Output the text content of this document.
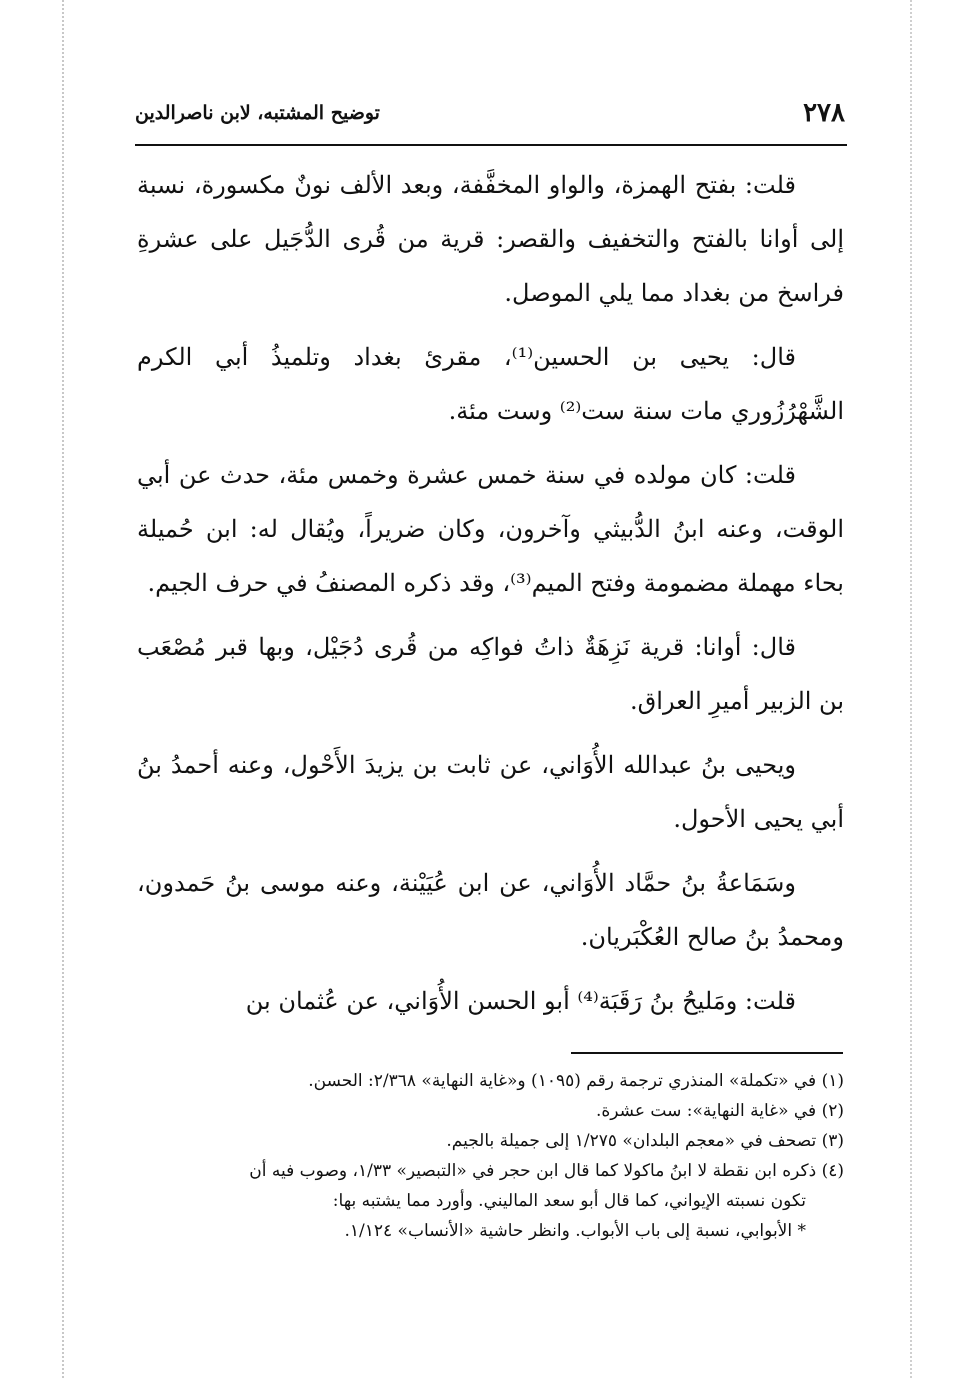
٢٧٨
توضيح المشتبه، لابن ناصرالدين

قلت: بفتح الهمزة، والواو المخفَّفة، وبعد الألف نونٌ مكسورة، نسبة إلى أوانا بالفتح والتخفيف والقصر: قرية من قُرى الدُّجَيل على عشرةِ فراسخ من بغداد مما يلي الموصل.

قال: يحيى بن الحسين⁽¹⁾، مقرئ بغداد وتلميذُ أبي الكرم الشَّهْرُزُوري مات سنة ست⁽²⁾ وست مئة.

قلت: كان مولده في سنة خمس عشرة وخمس مئة، حدث عن أبي الوقت، وعنه ابنُ الدُّبيثي وآخرون، وكان ضريراً، ويُقال له: ابن حُميلة بحاء مهملة مضمومة وفتح الميم⁽³⁾، وقد ذكره المصنفُ في حرف الجيم.

قال: أوانا: قرية نَزِهَةٌ ذاتُ فواكِه من قُرى دُجَيْل، وبها قبر مُصْعَب بن الزبير أميرِ العراق.

ويحيى بنُ عبدالله الأُوَاني، عن ثابت بن يزيدَ الأَحْول، وعنه أحمدُ بنُ أبي يحيى الأحول.

وسَمَاعةُ بنُ حمَّاد الأُوَاني، عن ابن عُيَيْنة، وعنه موسى بنُ حَمدون، ومحمدُ بنُ صالح العُكْبَريان.

قلت: ومَليحُ بنُ رَقَبَة⁽⁴⁾ أبو الحسن الأُوَاني، عن عُثمان بن

(١) في «تكملة» المنذري ترجمة رقم (١٠٩٥) و«غاية النهاية» ٢/٣٦٨: الحسن.

(٢) في «غاية النهاية»: ست عشرة.

(٣) تصحف في «معجم البلدان» ١/٢٧٥ إلى جميلة بالجيم.

(٤) ذكره ابن نقطة لا ابنُ ماكولا كما قال ابن حجر في «التبصير» ١/٣٣، وصوب فيه أن

تكون نسبته الإيواني، كما قال أبو سعد الماليني. وأورد مما يشتبه بها:

* الأبوابي، نسبة إلى باب الأبواب. وانظر حاشية «الأنساب» ١/١٢٤.
